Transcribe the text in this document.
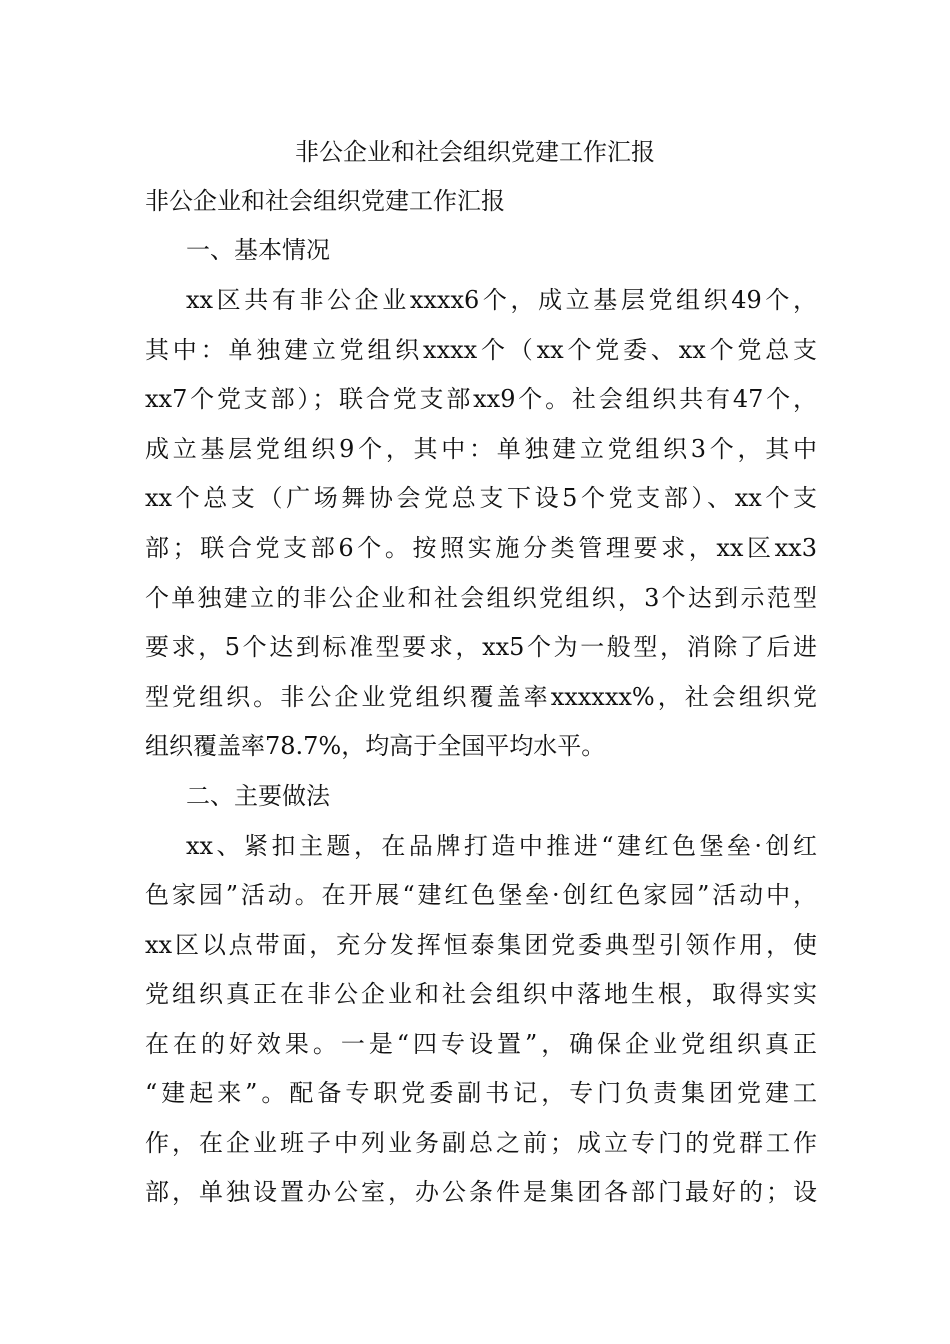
非公企业和社会组织党建工作汇报
非公企业和社会组织党建工作汇报
一、基本情况
xx区共有非公企业xxxx6个，成立基层党组织49个，
其中：单独建立党组织xxxx个（xx个党委、xx个党总支
xx7个党支部）；联合党支部xx9个。社会组织共有47个，
成立基层党组织9个，其中：单独建立党组织3个，其中
xx个总支（广场舞协会党总支下设5个党支部）、xx个支
部；联合党支部6个。按照实施分类管理要求，xx区xx3
个单独建立的非公企业和社会组织党组织，3个达到示范型
要求，5个达到标准型要求，xx5个为一般型，消除了后进
型党组织。非公企业党组织覆盖率xxxxxx%，社会组织党
组织覆盖率78.7%，均高于全国平均水平。
二、主要做法
xx、紧扣主题，在品牌打造中推进“建红色堡垒·创红
色家园”活动。在开展“建红色堡垒·创红色家园”活动中，
xx区以点带面，充分发挥恒泰集团党委典型引领作用，使
党组织真正在非公企业和社会组织中落地生根，取得实实
在在的好效果。一是“四专设置”，确保企业党组织真正
“建起来”。配备专职党委副书记，专门负责集团党建工
作，在企业班子中列业务副总之前；成立专门的党群工作
部，单独设置办公室，办公条件是集团各部门最好的；设
